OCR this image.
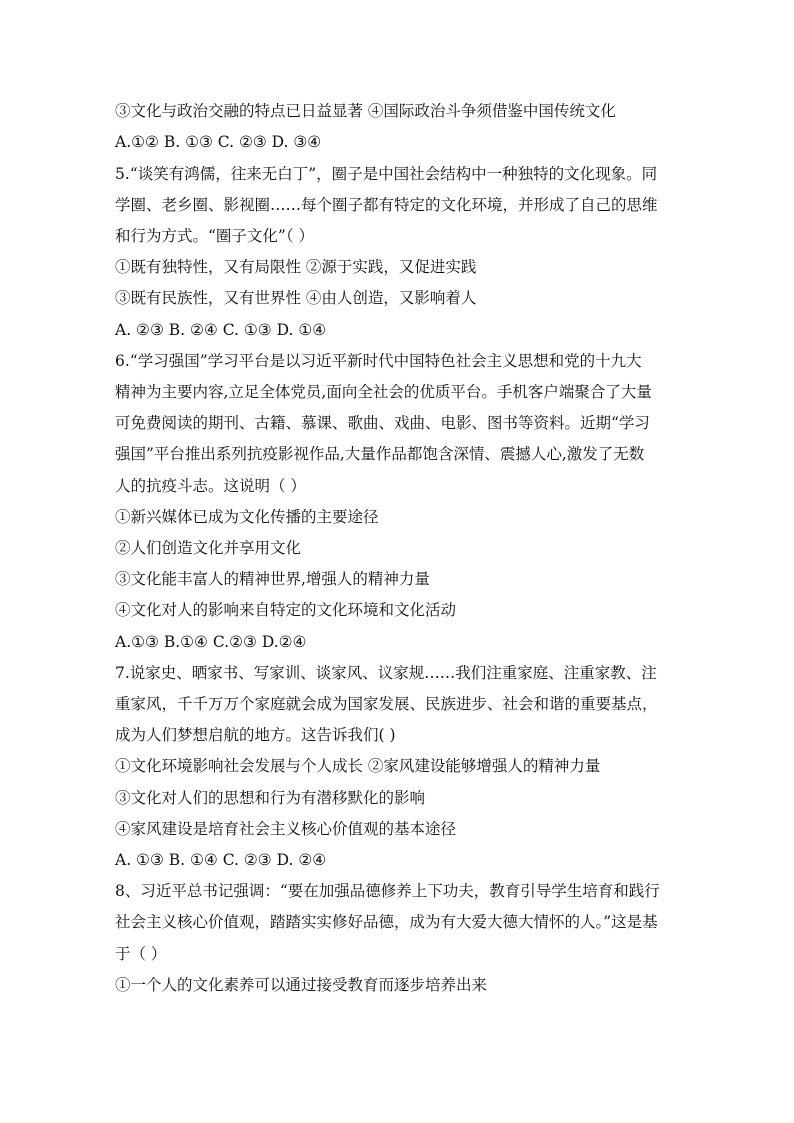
③文化与政治交融的特点已日益显著 ④国际政治斗争须借鉴中国传统文化
A.①② B. ①③ C. ②③ D. ③④
5.“谈笑有鸿儒，往来无白丁”，圈子是中国社会结构中一种独特的文化现象。同
学圈、老乡圈、影视圈……每个圈子都有特定的文化环境，并形成了自己的思维
和行为方式。“圈子文化”（ ）
①既有独特性，又有局限性 ②源于实践，又促进实践
③既有民族性，又有世界性 ④由人创造，又影响着人
A. ②③ B. ②④ C. ①③ D. ①④
6.“学习强国”学习平台是以习近平新时代中国特色社会主义思想和党的十九大
精神为主要内容,立足全体党员,面向全社会的优质平台。手机客户端聚合了大量
可免费阅读的期刊、古籍、慕课、歌曲、戏曲、电影、图书等资料。近期“学习
强国”平台推出系列抗疫影视作品,大量作品都饱含深情、震撼人心,激发了无数
人的抗疫斗志。这说明（ ）
①新兴媒体已成为文化传播的主要途径
②人们创造文化并享用文化
③文化能丰富人的精神世界,增强人的精神力量
④文化对人的影响来自特定的文化环境和文化活动
A.①③ B.①④ C.②③ D.②④
7.说家史、晒家书、写家训、谈家风、议家规……我们注重家庭、注重家教、注
重家风，千千万万个家庭就会成为国家发展、民族进步、社会和谐的重要基点，
成为人们梦想启航的地方。这告诉我们( )
①文化环境影响社会发展与个人成长 ②家风建设能够增强人的精神力量
③文化对人们的思想和行为有潜移默化的影响
④家风建设是培育社会主义核心价值观的基本途径
A. ①③ B. ①④ C. ②③ D. ②④
8、习近平总书记强调：“要在加强品德修养上下功夫，教育引导学生培育和践行
社会主义核心价值观，踏踏实实修好品德，成为有大爱大德大情怀的人。”这是基
于（ ）
①一个人的文化素养可以通过接受教育而逐步培养出来
